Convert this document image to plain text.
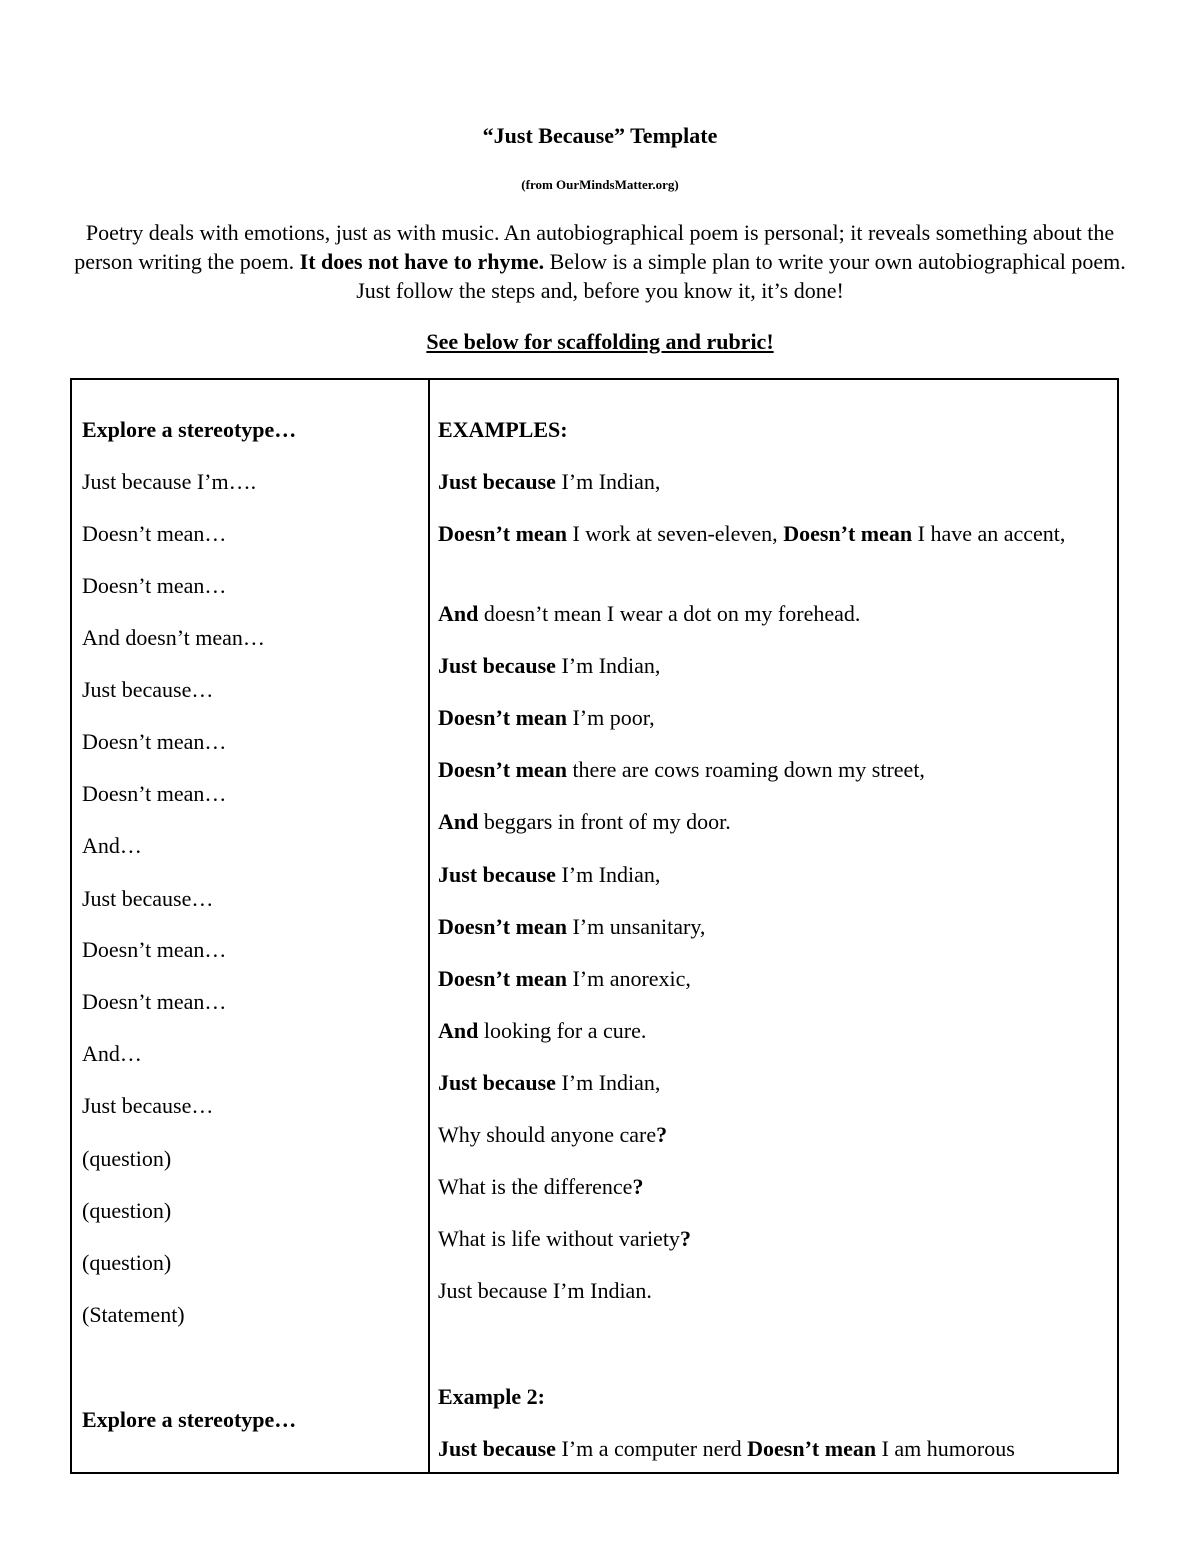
“Just Because” Template
(from OurMindsMatter.org)
Poetry deals with emotions, just as with music. An autobiographical poem is personal; it reveals something about the person writing the poem. It does not have to rhyme. Below is a simple plan to write your own autobiographical poem. Just follow the steps and, before you know it, it’s done!
See below for scaffolding and rubric!
Explore a stereotype…
Just because I’m….
Doesn’t mean…
Doesn’t mean…
And doesn’t mean…
Just because…
Doesn’t mean…
Doesn’t mean…
And…
Just because…
Doesn’t mean…
Doesn’t mean…
And…
Just because…
(question)
(question)
(question)
(Statement)
Explore a stereotype…
EXAMPLES:
Just because I’m Indian,
Doesn’t mean I work at seven-eleven, Doesn’t mean I have an accent,
And doesn’t mean I wear a dot on my forehead.
Just because I’m Indian,
Doesn’t mean I’m poor,
Doesn’t mean there are cows roaming down my street,
And beggars in front of my door.
Just because I’m Indian,
Doesn’t mean I’m unsanitary,
Doesn’t mean I’m anorexic,
And looking for a cure.
Just because I’m Indian,
Why should anyone care?
What is the difference?
What is life without variety?
Just because I’m Indian.
Example 2:
Just because I’m a computer nerd Doesn’t mean I am humorous
